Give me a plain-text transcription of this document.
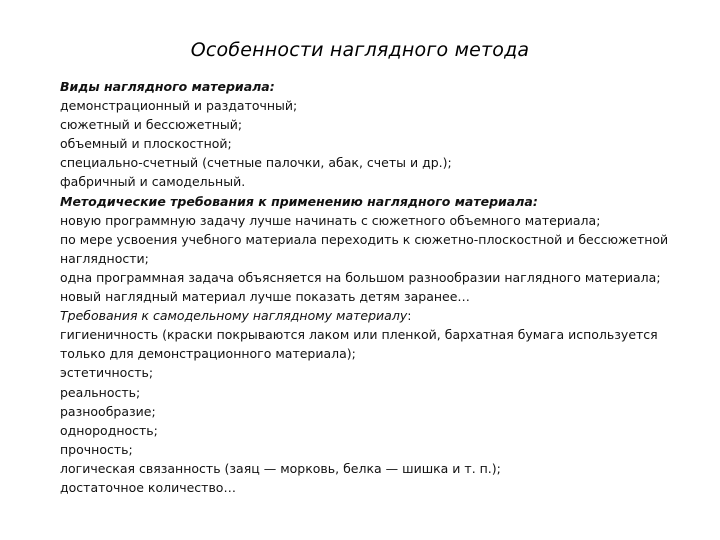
Особенности наглядного метода
Виды наглядного материала:
демонстрационный и раздаточный;
сюжетный и бессюжетный;
объемный и плоскостной;
специально-счетный (счетные палочки, абак, счеты и др.);
фабричный и самодельный.
Методические требования к применению наглядного материала:
новую программную задачу лучше начинать с сюжетного объемного материала;
по мере усвоения учебного материала переходить к сюжетно-плоскостной и бессюжетной
наглядности;
одна программная задача объясняется на большом разнообразии наглядного материала;
новый наглядный материал лучше показать детям заранее…
Требования к самодельному наглядному материалу:
гигиеничность (краски покрываются лаком или пленкой, бархатная бумага используется
только для демонстрационного материала);
эстетичность;
реальность;
разнообразие;
однородность;
прочность;
логическая связанность (заяц — морковь, белка — шишка и т. п.);
достаточное количество…
